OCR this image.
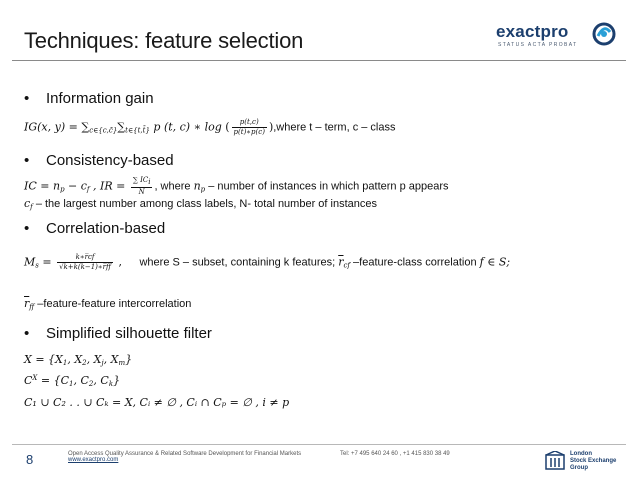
Techniques: feature selection	exactpro
STATUS ACTA PROBAT
• Information gain
IG(x, $y) = \sum_{c\in\{c,c̄\}}\sum_{t\in\{t,t̄\}}$ p (t, c) ∗ log ( $\frac{p(t,c)}{p(t)∗p(c)}$ ),where t – term, c – class
• Consistency-based
IC = $n_p - c_f$ , IR = $\frac{\text{∑ ICi}}{N}$ , where $n_p$ – number of instances in which pattern p appears
$c_f$ – the largest number among class labels, N- total number of instances
• Correlation-based
$M_s = \frac{k∗r̅cf}{√k+k(k-1)∗r̅ff}$ , where S – subset, containing k features; $\overline{r}_{cf}$ –feature-class correlation f ∈ S;
$\overline{r}_{ff}$ –feature-feature intercorrelation
• Simplified silhouette filter
$X = \{X_1$, $X_2$, $X_j$, $X_m$}
$C^X = \{C_1$, $C_2$, $C_k$}
C₁ ∪ C₂ . . ∪ Cₖ = X, Cᵢ ≠ ∅ , Cᵢ ∩ Cₚ = ∅ , i ≠ p
8	Open Access Quality Assurance & Related Software Development for Financial Markets
www.exactpro.com
Tel: +7 495 640 24 60 , +1 415 830 38 49	London
Stock Exchange Group
